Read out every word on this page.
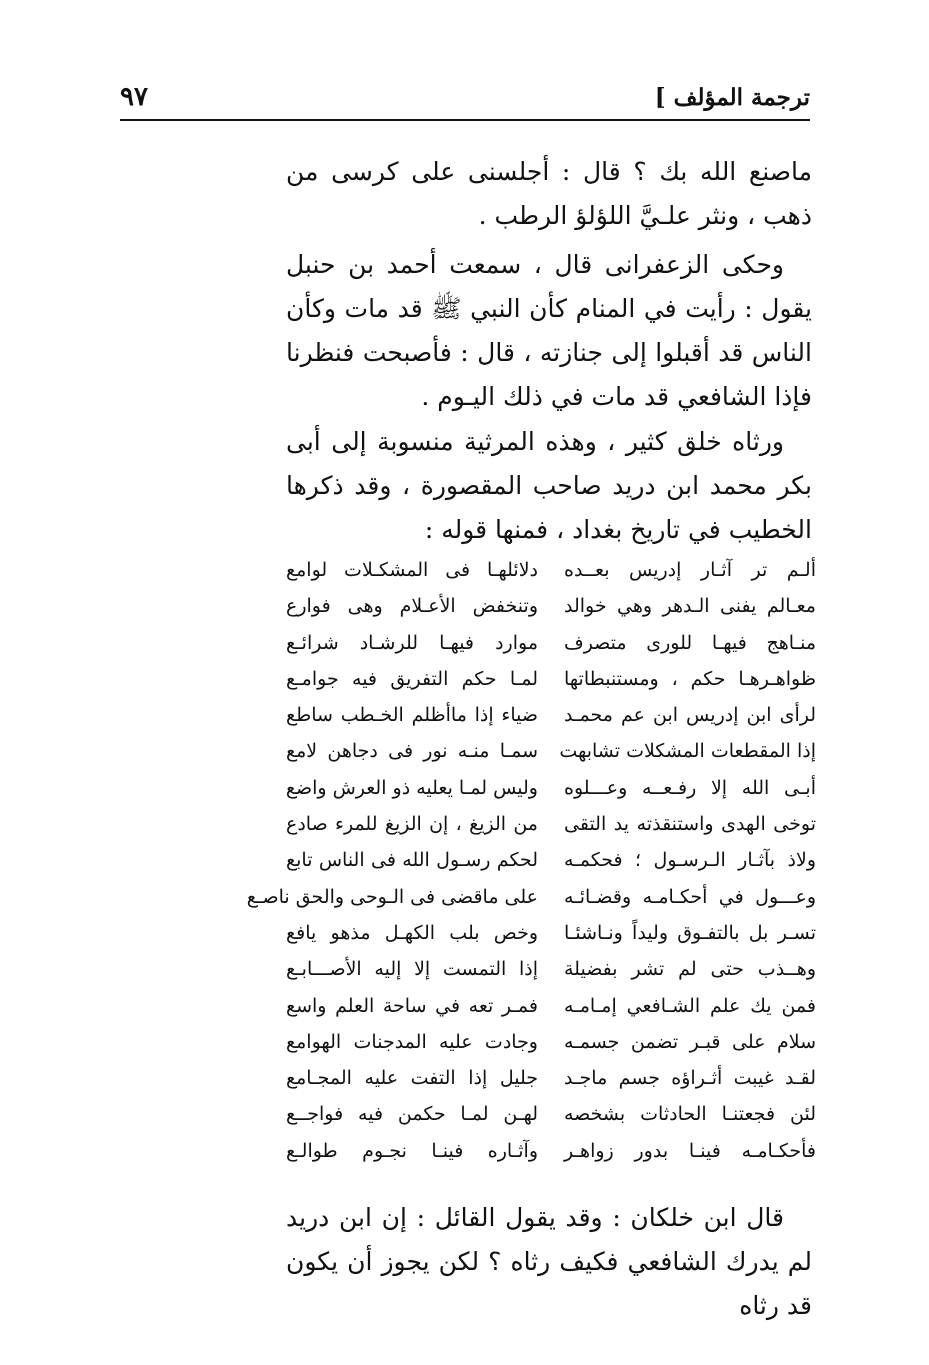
ترجمة المؤلف ]
٩٧

ماصنع الله بك ؟ قال : أجلسنى على كرسى من ذهب ، ونثر علـيَّ اللؤلؤ الرطب .

وحكى الزعفرانى قال ، سمعت أحمد بن حنبل يقول : رأيت في المنام كأن النبي ﷺ قد مات وكأن الناس قد أقبلوا إلى جنازته ، قال : فأصبحت فنظرنا فإذا الشافعي قد مات في ذلك اليـوم .

ورثاه خلق كثير ، وهذه المرثية منسوبة إلى أبى بكر محمد ابن دريد صاحب المقصورة ، وقد ذكرها الخطيب في تاريخ بغداد ، فمنها قوله :

ألـم تر آثـار إدريس بعــده
دلائلهـا فى المشكـلات لوامع
معـالم يفنى الـدهر وهي خوالد
وتنخفض الأعـلام وهى فوارع
منـاهج فيهـا للورى متصرف
موارد فيهـا للرشـاد شرائـع
ظواهـرهـا حكم ، ومستنبطاتها
لمـا حكم التفريق فيه جوامـع
لرأى ابن إدريس ابن عم محمـد
ضياء إذا ماأظلم الخـطب ساطع
إذا المقطعات المشكلات تشابهت
سمـا منـه نور فى دجاهن لامع
أبـى الله إلا رفـعــه وعـــلوه
وليس لمـا يعليه ذو العرش واضع
توخى الهدى واستنقذته يد التقى
من الزيغ ، إن الزيغ للمرء صادع
ولاذ بآثـار الـرسـول ؛ فحكمـه
لحكم رسـول الله فى الناس تابع
وعـــول في أحكـامـه وقضـائـه
على ماقضى فى الـوحى والحق ناصـع
تسـر بل بالتفـوق وليداً ونـاشئـا
وخص بلب الكهـل مذهو يافع
وهــذب حتى لم تشر بفضيلة
إذا التمست إلا إليه الأصـــابـع
فمن يك علم الشـافعي إمـامـه
فمـر تعه في ساحة العلم واسع
سلام على قبـر تضمن جسمـه
وجادت عليه المدجنات الهوامع
لقـد غيبت أثـراؤه جسم ماجـد
جليل إذا التفت عليه المجـامع
لئن فجعتنـا الحادثات بشخصه
لهـن لمـا حكمن فيه فواجــع
فأحكـامـه فينـا بدور زواهـر
وآثـاره فينـا نجـوم طوالـع

قال ابن خلكان : وقد يقول القائل : إن ابن دريد لم يدرك الشافعي فكيف رثاه ؟ لكن يجوز أن يكون قد رثاه
